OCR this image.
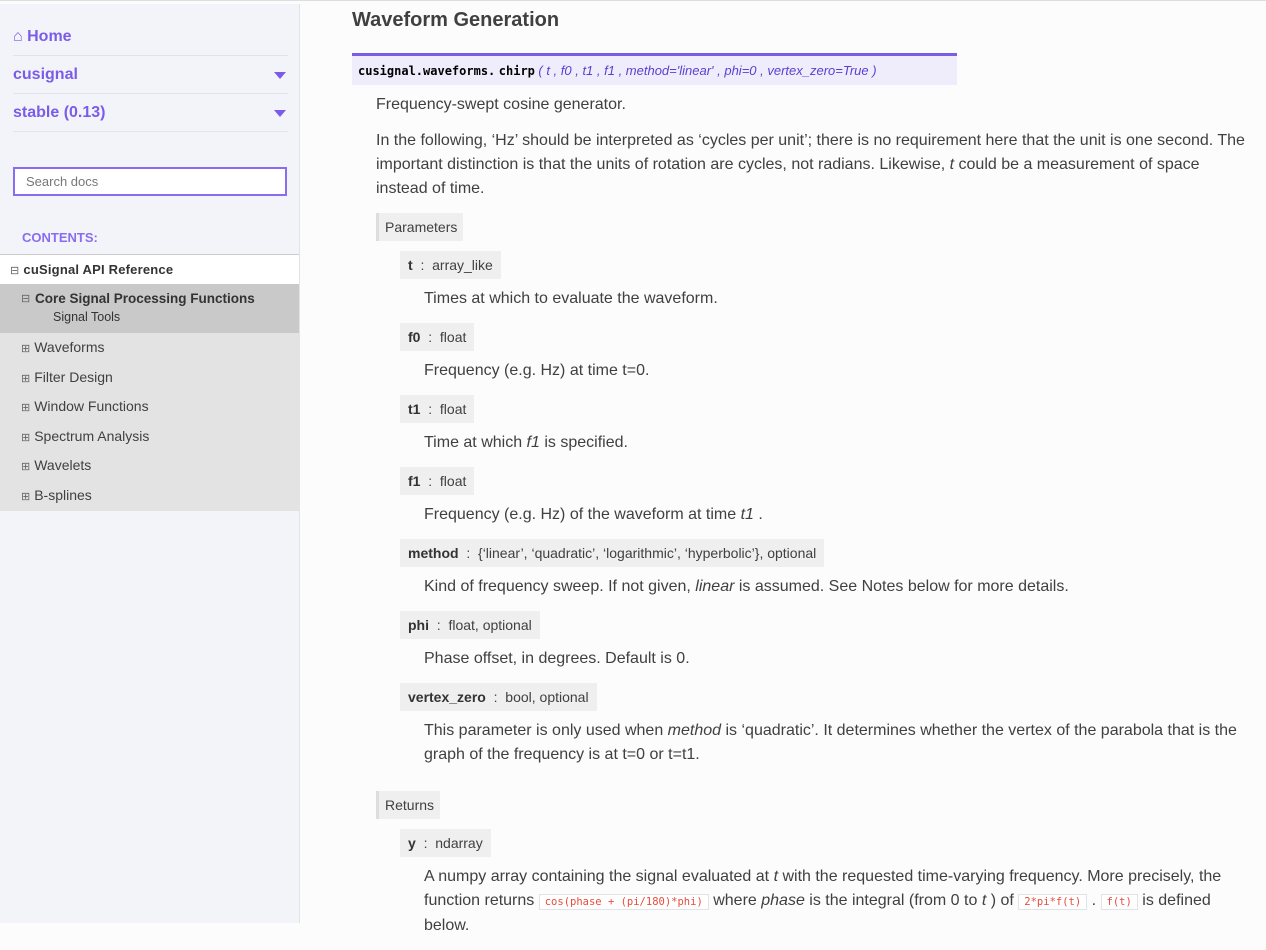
⌂ Home
cusignal
stable (0.13)
Search docs
CONTENTS:
⊟ cuSignal API Reference
⊟ Core Signal Processing Functions
Signal Tools
⊞ Waveforms
⊞ Filter Design
⊞ Window Functions
⊞ Spectrum Analysis
⊞ Wavelets
⊞ B-splines
Waveform Generation
cusignal.waveforms. chirp ( t , f0 , t1 , f1 , method='linear' , phi=0 , vertex_zero=True )

Frequency-swept cosine generator.

In the following, ‘Hz’ should be interpreted as ‘cycles per unit’; there is no requirement here that the unit is one second. The important distinction is that the units of rotation are cycles, not radians. Likewise, t could be a measurement of space instead of time.

Parameters
t  :  array_like
Times at which to evaluate the waveform.
f0  :  float
Frequency (e.g. Hz) at time t=0.
t1  :  float
Time at which f1 is specified.
f1  :  float
Frequency (e.g. Hz) of the waveform at time t1 .
method  :  {‘linear’, ‘quadratic’, ‘logarithmic’, ‘hyperbolic’}, optional
Kind of frequency sweep. If not given, linear is assumed. See Notes below for more details.
phi  :  float, optional
Phase offset, in degrees. Default is 0.
vertex_zero  :  bool, optional
This parameter is only used when method is ‘quadratic’. It determines whether the vertex of the parabola that is the graph of the frequency is at t=0 or t=t1.
Returns
y  :  ndarray
A numpy array containing the signal evaluated at t with the requested time-varying frequency. More precisely, the function returns cos(phase + (pi/180)*phi) where phase is the integral (from 0 to t ) of 2*pi*f(t) . f(t) is defined below.
